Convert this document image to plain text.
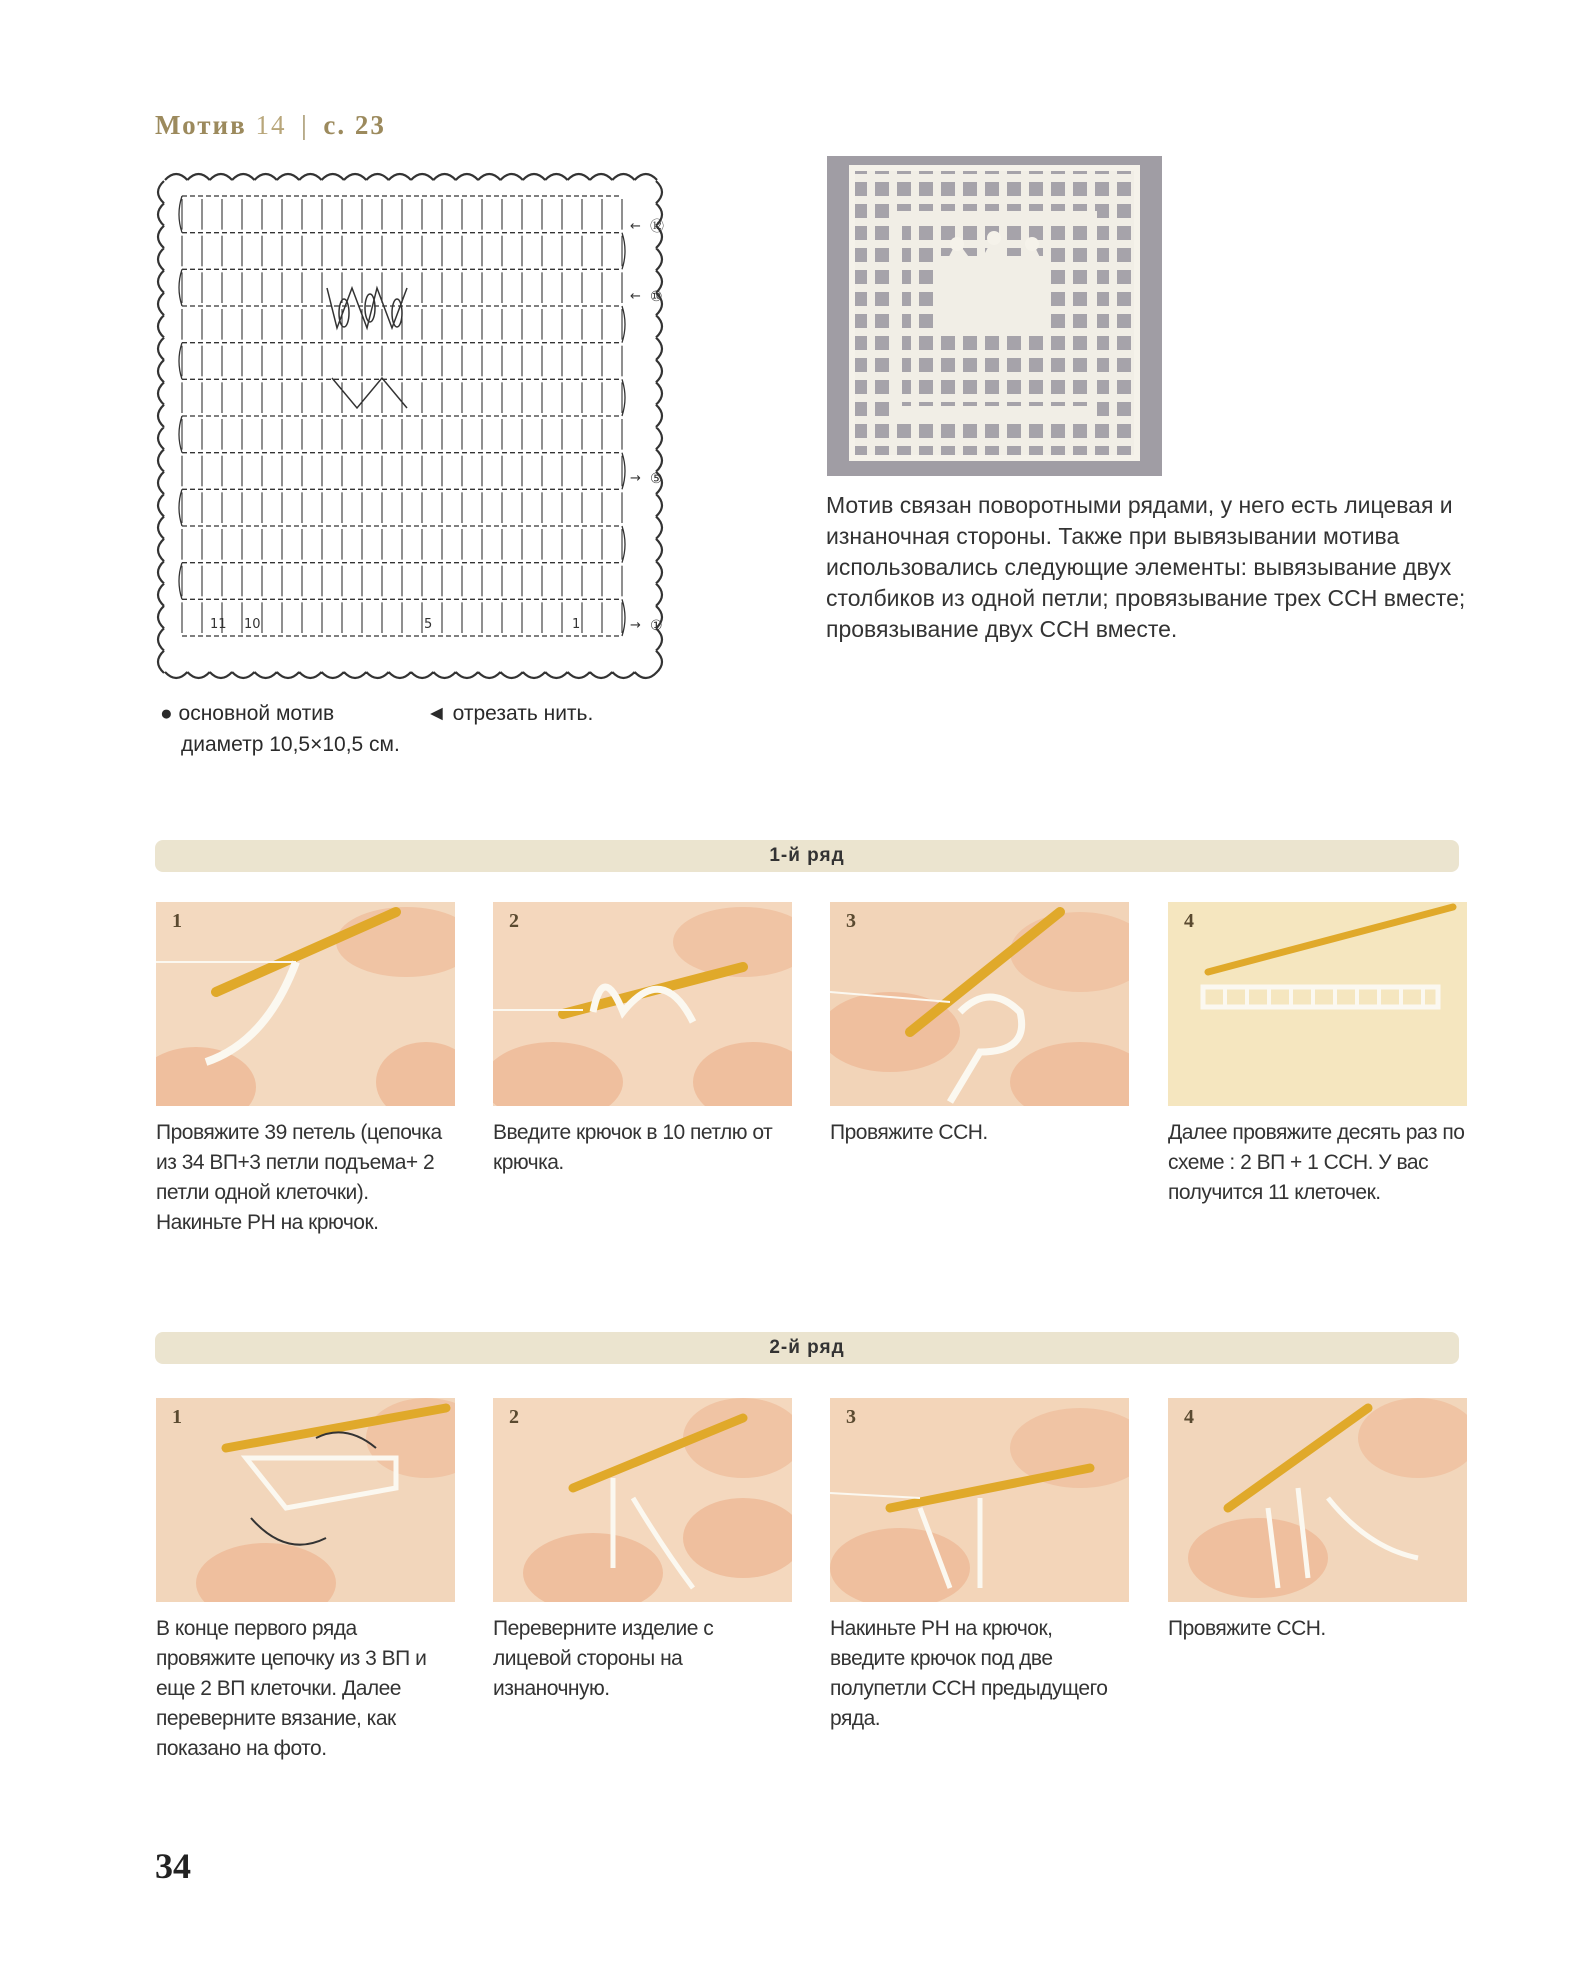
Мотив 14 | с. 23
← ⑫
← ⑩
→ ⑤
→ ①
11 10	5	1
● основной мотив	◄ отрезать нить.
диаметр 10,5×10,5 см.
Мотив связан поворотными рядами, у него есть лицевая и изнаночная стороны. Также при вывязывании мотива использовались следующие элементы: вывязывание двух столбиков из одной петли; провязывание трех ССН вместе; провязывание двух ССН вместе.
1-й ряд
1	2	3	4
Провяжите 39 петель (цепочка из 34 ВП+3 петли подъема+ 2 петли одной клеточки). Накиньте РН на крючок.
Введите крючок в 10 петлю от крючка.
Провяжите ССН.	Далее провяжите десять раз по схеме : 2 ВП + 1 ССН. У вас получится 11 клеточек.
2-й ряд
1	2	3	4
В конце первого ряда провяжите цепочку из 3 ВП и еще 2 ВП клеточки. Далее переверните вязание, как показано на фото.
Переверните изделие с лицевой стороны на изнаночную.
Накиньте РН на крючок, введите крючок под две полупетли ССН предыдущего ряда.
Провяжите ССН.
34
